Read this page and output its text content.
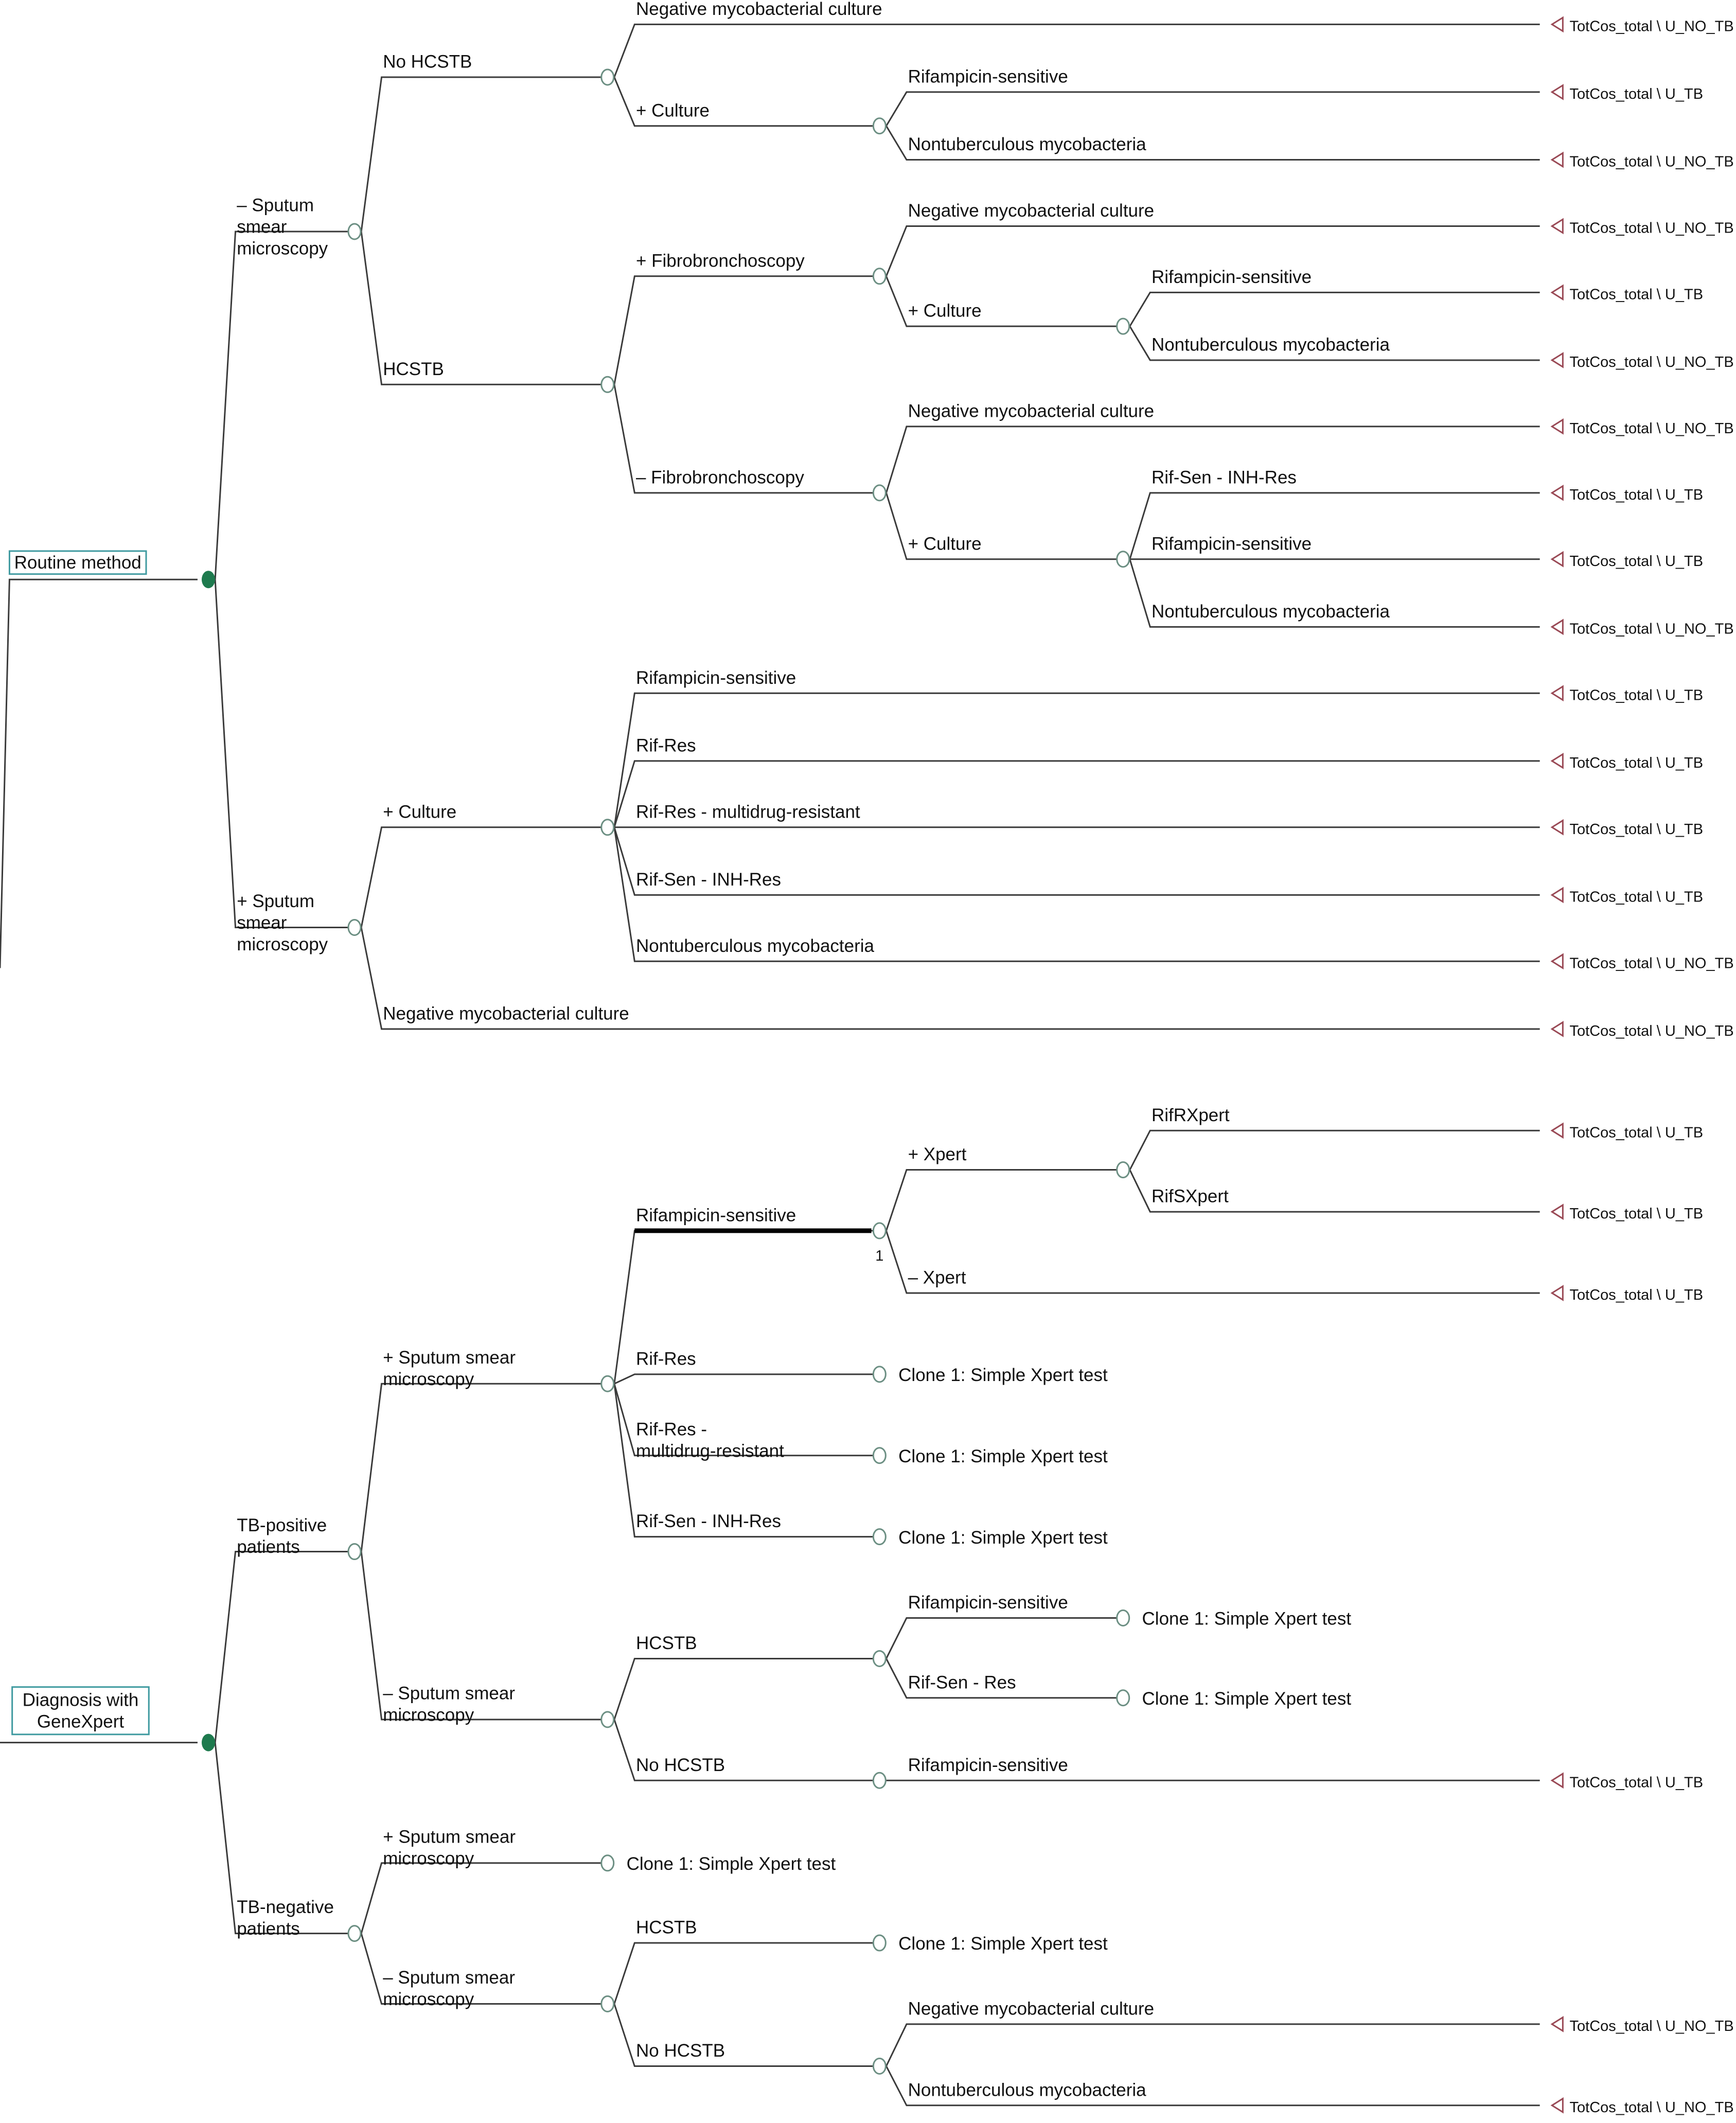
Routine method
– Sputum smear microscopy
No HCSTB
Negative mycobacterial culture
TotCos_total \ U_NO_TB
+ Culture
Rifampicin-sensitive
TotCos_total \ U_TB
Nontuberculous mycobacteria
TotCos_total \ U_NO_TB
HCSTB
+ Fibrobronchoscopy
Negative mycobacterial culture
TotCos_total \ U_NO_TB
+ Culture
Rifampicin-sensitive
TotCos_total \ U_TB
Nontuberculous mycobacteria
TotCos_total \ U_NO_TB
– Fibrobronchoscopy
Negative mycobacterial culture
TotCos_total \ U_NO_TB
+ Culture
Rif-Sen - INH-Res
TotCos_total \ U_TB
Rifampicin-sensitive
TotCos_total \ U_TB
Nontuberculous mycobacteria
TotCos_total \ U_NO_TB
+ Sputum smear microscopy
+ Culture
Rifampicin-sensitive
TotCos_total \ U_TB
Rif-Res
TotCos_total \ U_TB
Rif-Res - multidrug-resistant
TotCos_total \ U_TB
Rif-Sen - INH-Res
TotCos_total \ U_TB
Nontuberculous mycobacteria
TotCos_total \ U_NO_TB
Negative mycobacterial culture
TotCos_total \ U_NO_TB
Diagnosis with GeneXpert
TB-positive patients
+ Sputum smear microscopy
Rifampicin-sensitive
1
+ Xpert
RifRXpert
TotCos_total \ U_TB
RifSXpert
TotCos_total \ U_TB
– Xpert
TotCos_total \ U_TB
Rif-Res
Clone 1: Simple Xpert test
Rif-Res -multidrug-resistant	Clone 1: Simple Xpert test
Rif-Sen - INH-Res
Clone 1: Simple Xpert test
– Sputum smear microscopy
HCSTB
Rifampicin-sensitive
Clone 1: Simple Xpert test
Rif-Sen - Res
Clone 1: Simple Xpert test
No HCSTB	Rifampicin-sensitive
TotCos_total \ U_TB
TB-negative patients
+ Sputum smear microscopy	Clone 1: Simple Xpert test
– Sputum smear microscopy
HCSTB
Clone 1: Simple Xpert test
No HCSTB
Negative mycobacterial culture
TotCos_total \ U_NO_TB
Nontuberculous mycobacteria
TotCos_total \ U_NO_TB
